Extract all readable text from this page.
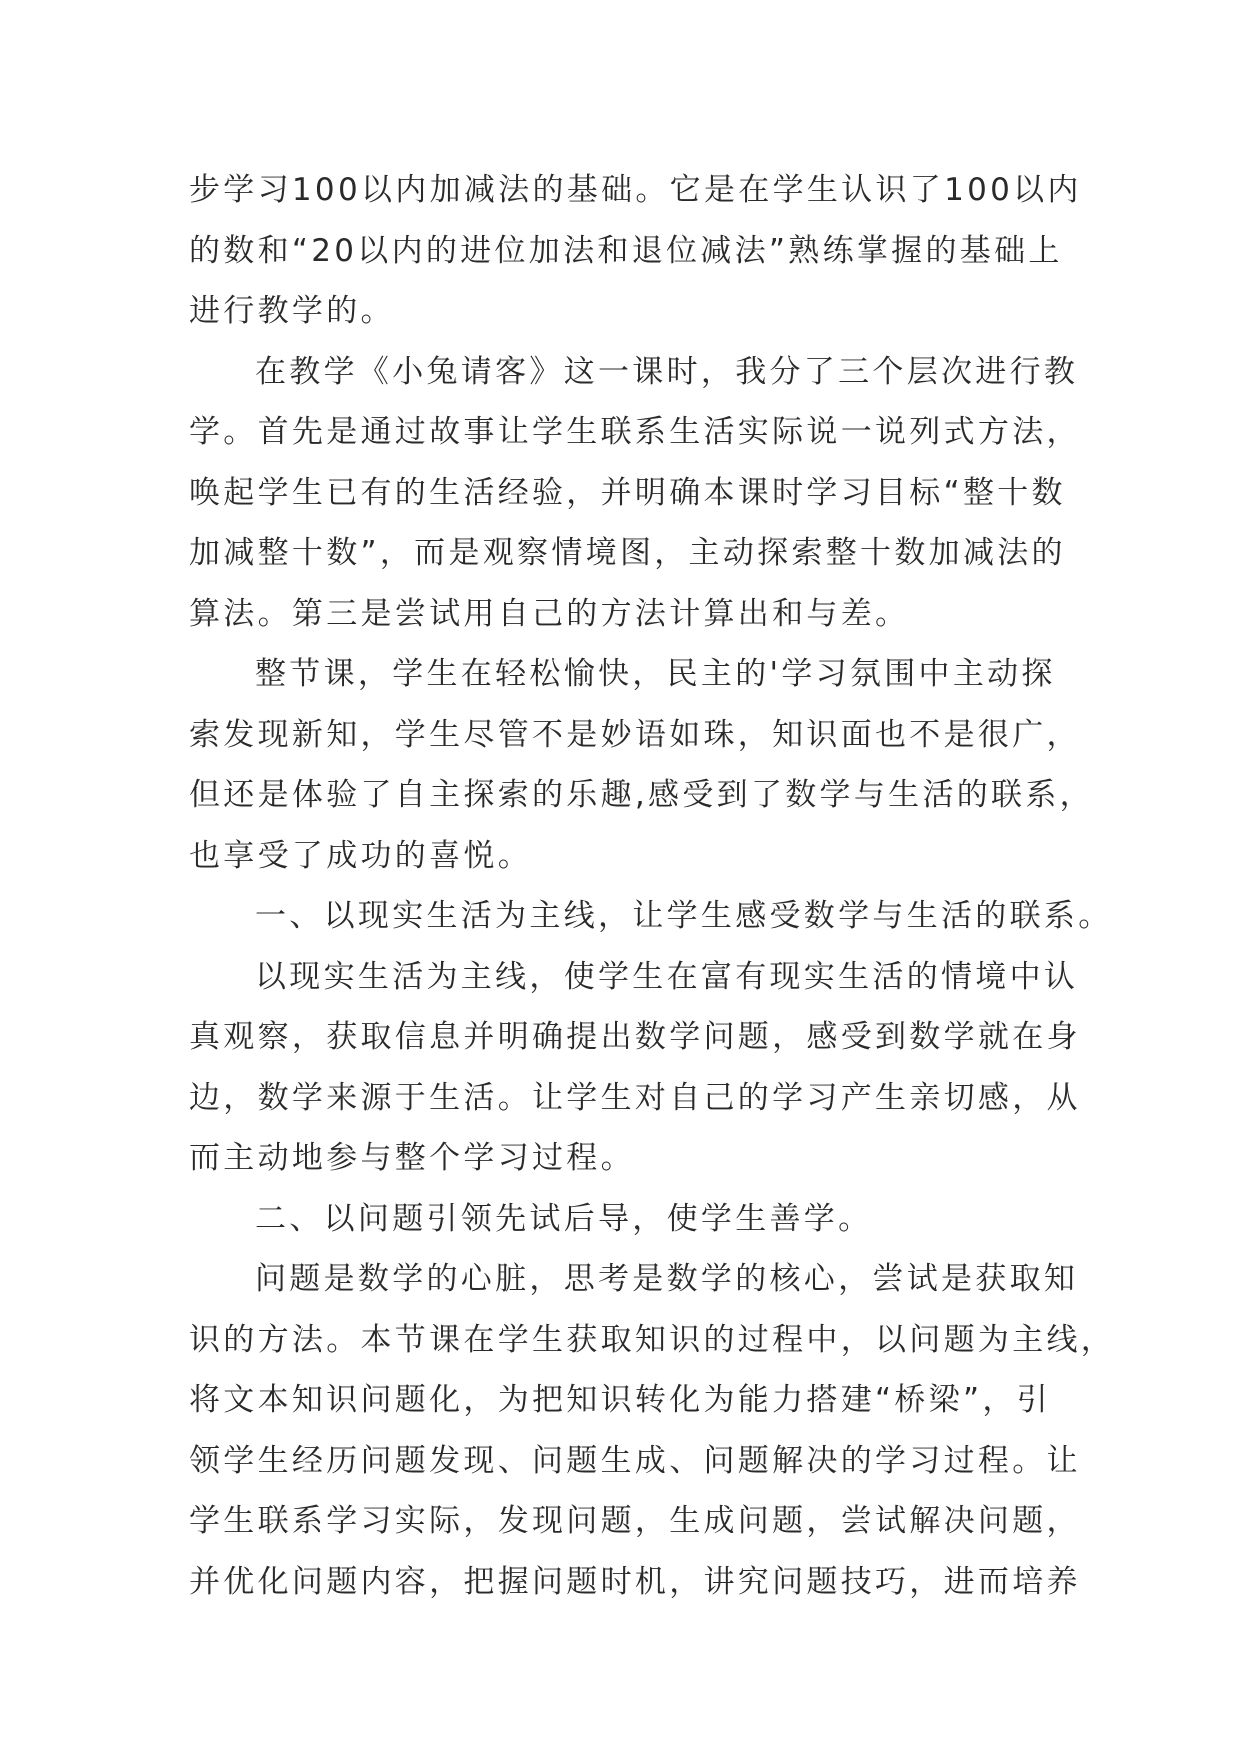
步学习100以内加减法的基础。它是在学生认识了100以内
的数和“20以内的进位加法和退位减法”熟练掌握的基础上
进行教学的。
在教学《小兔请客》这一课时，我分了三个层次进行教
学。首先是通过故事让学生联系生活实际说一说列式方法，
唤起学生已有的生活经验，并明确本课时学习目标“整十数
加减整十数”，而是观察情境图，主动探索整十数加减法的
算法。第三是尝试用自己的方法计算出和与差。
整节课，学生在轻松愉快，民主的'学习氛围中主动探
索发现新知，学生尽管不是妙语如珠，知识面也不是很广，
但还是体验了自主探索的乐趣,感受到了数学与生活的联系，
也享受了成功的喜悦。
一、以现实生活为主线，让学生感受数学与生活的联系。
以现实生活为主线，使学生在富有现实生活的情境中认
真观察，获取信息并明确提出数学问题，感受到数学就在身
边，数学来源于生活。让学生对自己的学习产生亲切感，从
而主动地参与整个学习过程。
二、以问题引领先试后导，使学生善学。
问题是数学的心脏，思考是数学的核心，尝试是获取知
识的方法。本节课在学生获取知识的过程中，以问题为主线，
将文本知识问题化，为把知识转化为能力搭建“桥梁”，引
领学生经历问题发现、问题生成、问题解决的学习过程。让
学生联系学习实际，发现问题，生成问题，尝试解决问题，
并优化问题内容，把握问题时机，讲究问题技巧，进而培养
